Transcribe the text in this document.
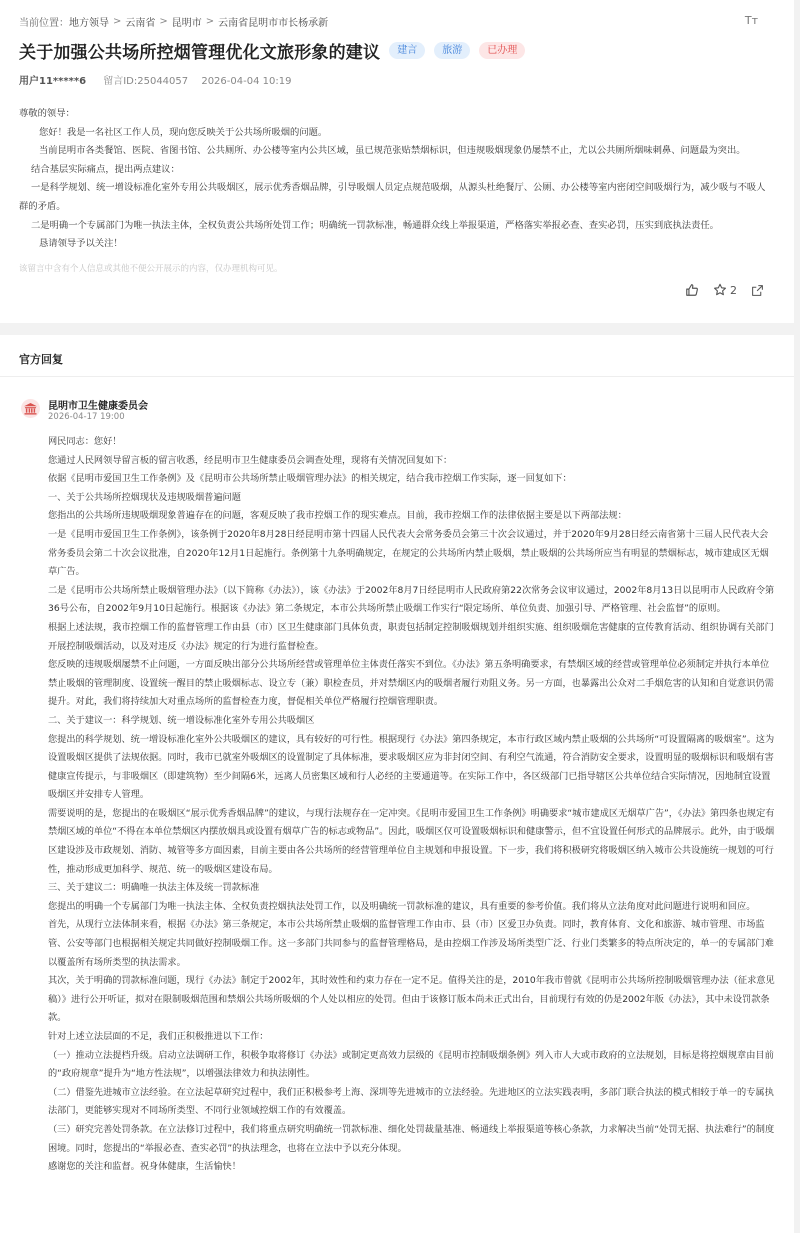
当前位置： 地方领导 > 云南省 > 昆明市 > 云南省昆明市市长杨承新	Tт
关于加强公共场所控烟管理优化文旅形象的建议	建言	旅游	已办理
用户11*****6 留言ID:25044057 2026-04-04 10:19

尊敬的领导：

您好！我是一名社区工作人员，现向您反映关于公共场所吸烟的问题。

当前昆明市各类餐馆、医院、省图书馆、公共厕所、办公楼等室内公共区域，虽已规范张贴禁烟标识，但违规吸烟现象仍屡禁不止，尤以公共厕所烟味刺鼻、问题最为突出。

结合基层实际痛点，提出两点建议：

一是科学规划、统一增设标准化室外专用公共吸烟区，展示优秀香烟品牌，引导吸烟人员定点规范吸烟，从源头杜绝餐厅、公厕、办公楼等室内密闭空间吸烟行为，减少吸与不吸人群的矛盾。

二是明确一个专属部门为唯一执法主体，全权负责公共场所处罚工作；明确统一罚款标准，畅通群众线上举报渠道，严格落实举报必查、查实必罚，压实到底执法责任。

恳请领导予以关注！

该留言中含有个人信息或其他不便公开展示的内容，仅办理机构可见。
2
官方回复
昆明市卫生健康委员会
2026-04-17 19:00

网民同志：您好！

您通过人民网领导留言板的留言收悉，经昆明市卫生健康委员会调查处理，现将有关情况回复如下：

依据《昆明市爱国卫生工作条例》及《昆明市公共场所禁止吸烟管理办法》的相关规定，结合我市控烟工作实际，逐一回复如下：

一、关于公共场所控烟现状及违规吸烟普遍问题

您指出的公共场所违规吸烟现象普遍存在的问题，客观反映了我市控烟工作的现实难点。目前，我市控烟工作的法律依据主要是以下两部法规：

一是《昆明市爱国卫生工作条例》，该条例于2020年8月28日经昆明市第十四届人民代表大会常务委员会第三十次会议通过，并于2020年9月28日经云南省第十三届人民代表大会常务委员会第二十次会议批准，自2020年12月1日起施行。条例第十九条明确规定，在规定的公共场所内禁止吸烟，禁止吸烟的公共场所应当有明显的禁烟标志，城市建成区无烟草广告。

二是《昆明市公共场所禁止吸烟管理办法》（以下简称《办法》），该《办法》于2002年8月7日经昆明市人民政府第22次常务会议审议通过，2002年8月13日以昆明市人民政府令第36号公布，自2002年9月10日起施行。根据该《办法》第二条规定，本市公共场所禁止吸烟工作实行“限定场所、单位负责、加强引导、严格管理、社会监督”的原则。

根据上述法规，我市控烟工作的监督管理工作由县（市）区卫生健康部门具体负责，职责包括制定控制吸烟规划并组织实施、组织吸烟危害健康的宣传教育活动、组织协调有关部门开展控制吸烟活动，以及对违反《办法》规定的行为进行监督检查。

您反映的违规吸烟屡禁不止问题，一方面反映出部分公共场所经营或管理单位主体责任落实不到位。《办法》第五条明确要求，有禁烟区域的经营或管理单位必须制定并执行本单位禁止吸烟的管理制度、设置统一醒目的禁止吸烟标志、设立专（兼）职检查员，并对禁烟区内的吸烟者履行劝阻义务。另一方面，也暴露出公众对二手烟危害的认知和自觉意识仍需提升。对此，我们将持续加大对重点场所的监督检查力度，督促相关单位严格履行控烟管理职责。

二、关于建议一：科学规划、统一增设标准化室外专用公共吸烟区

您提出的科学规划、统一增设标准化室外公共吸烟区的建议，具有较好的可行性。根据现行《办法》第四条规定，本市行政区域内禁止吸烟的公共场所“可设置隔离的吸烟室”。这为设置吸烟区提供了法规依据。同时，我市已就室外吸烟区的设置制定了具体标准，要求吸烟区应为非封闭空间、有利空气流通，符合消防安全要求，设置明显的吸烟标识和吸烟有害健康宣传提示，与非吸烟区（即建筑物）至少间隔6米，远离人员密集区域和行人必经的主要通道等。在实际工作中，各区级部门已指导辖区公共单位结合实际情况，因地制宜设置吸烟区并安排专人管理。

需要说明的是，您提出的在吸烟区“展示优秀香烟品牌”的建议，与现行法规存在一定冲突。《昆明市爱国卫生工作条例》明确要求“城市建成区无烟草广告”，《办法》第四条也规定有禁烟区域的单位“不得在本单位禁烟区内摆放烟具或设置有烟草广告的标志或物品”。因此，吸烟区仅可设置吸烟标识和健康警示，但不宜设置任何形式的品牌展示。此外，由于吸烟区建设涉及市政规划、消防、城管等多方面因素，目前主要由各公共场所的经营管理单位自主规划和申报设置。下一步，我们将积极研究将吸烟区纳入城市公共设施统一规划的可行性，推动形成更加科学、规范、统一的吸烟区建设布局。

三、关于建议二：明确唯一执法主体及统一罚款标准

您提出的明确一个专属部门为唯一执法主体、全权负责控烟执法处罚工作，以及明确统一罚款标准的建议，具有重要的参考价值。我们将从立法角度对此问题进行说明和回应。

首先，从现行立法体制来看，根据《办法》第三条规定，本市公共场所禁止吸烟的监督管理工作由市、县（市）区爱卫办负责。同时，教育体育、文化和旅游、城市管理、市场监管、公安等部门也根据相关规定共同做好控制吸烟工作。这一多部门共同参与的监督管理格局，是由控烟工作涉及场所类型广泛、行业门类繁多的特点所决定的，单一的专属部门难以覆盖所有场所类型的执法需求。

其次，关于明确的罚款标准问题，现行《办法》制定于2002年，其时效性和约束力存在一定不足。值得关注的是，2010年我市曾就《昆明市公共场所控制吸烟管理办法（征求意见稿）》进行公开听证，拟对在限制吸烟范围和禁烟公共场所吸烟的个人处以相应的处罚。但由于该修订版本尚未正式出台，目前现行有效的仍是2002年版《办法》，其中未设罚款条款。

针对上述立法层面的不足，我们正积极推进以下工作：

（一）推动立法提档升级。启动立法调研工作，积极争取将修订《办法》或制定更高效力层级的《昆明市控制吸烟条例》列入市人大或市政府的立法规划，目标是将控烟规章由目前的“政府规章”提升为“地方性法规”，以增强法律效力和执法刚性。

（二）借鉴先进城市立法经验。在立法起草研究过程中，我们正积极参考上海、深圳等先进城市的立法经验。先进地区的立法实践表明，多部门联合执法的模式相较于单一的专属执法部门，更能够实现对不同场所类型、不同行业领域控烟工作的有效覆盖。

（三）研究完善处罚条款。在立法修订过程中，我们将重点研究明确统一罚款标准、细化处罚裁量基准、畅通线上举报渠道等核心条款，力求解决当前“处罚无据、执法难行”的制度困境。同时，您提出的“举报必查、查实必罚”的执法理念，也将在立法中予以充分体现。

感谢您的关注和监督。祝身体健康，生活愉快！
